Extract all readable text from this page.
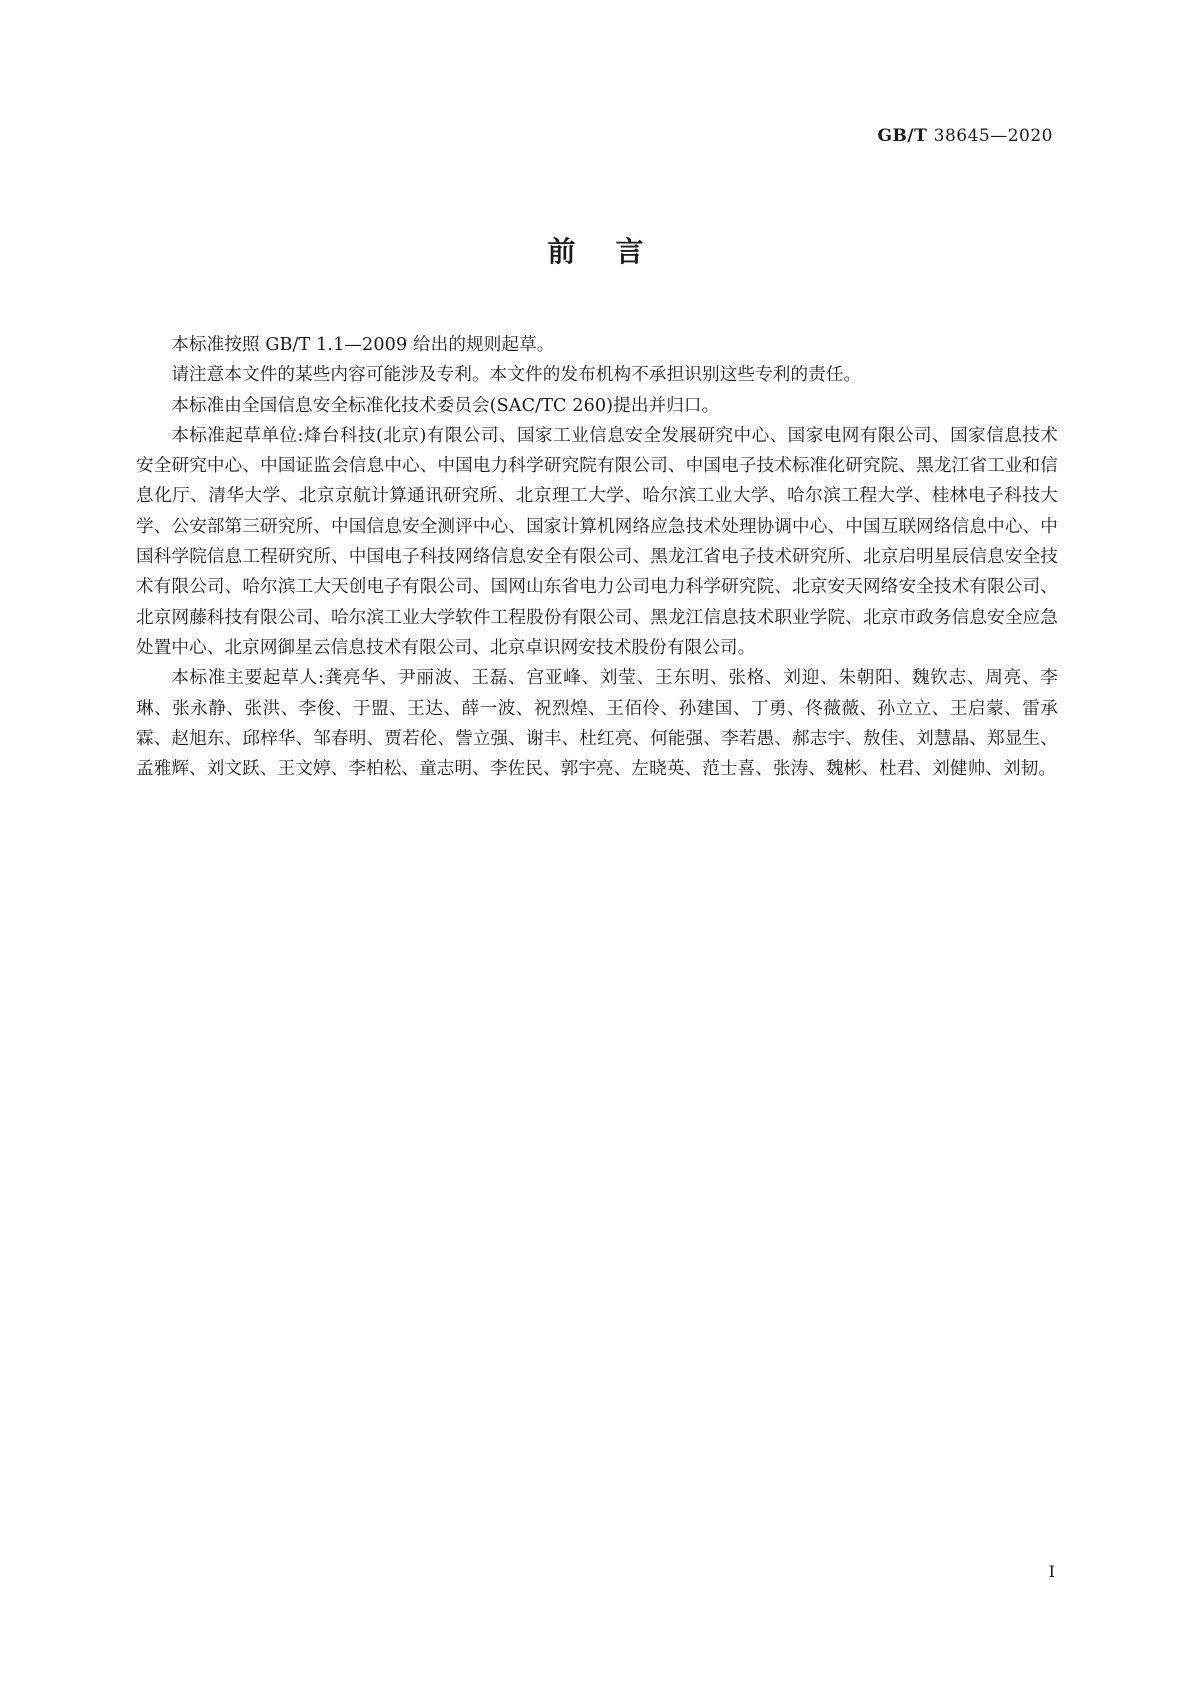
GB/T 38645—2020
前言

本标准按照 GB/T 1.1—2009 给出的规则起草。

请注意本文件的某些内容可能涉及专利。本文件的发布机构不承担识别这些专利的责任。

本标准由全国信息安全标准化技术委员会(SAC/TC 260)提出并归口。

本标准起草单位:烽台科技(北京)有限公司、国家工业信息安全发展研究中心、国家电网有限公司、国家信息技术安全研究中心、中国证监会信息中心、中国电力科学研究院有限公司、中国电子技术标准化研究院、黑龙江省工业和信息化厅、清华大学、北京京航计算通讯研究所、北京理工大学、哈尔滨工业大学、哈尔滨工程大学、桂林电子科技大学、公安部第三研究所、中国信息安全测评中心、国家计算机网络应急技术处理协调中心、中国互联网络信息中心、中国科学院信息工程研究所、中国电子科技网络信息安全有限公司、黑龙江省电子技术研究所、北京启明星辰信息安全技术有限公司、哈尔滨工大天创电子有限公司、国网山东省电力公司电力科学研究院、北京安天网络安全技术有限公司、北京网藤科技有限公司、哈尔滨工业大学软件工程股份有限公司、黑龙江信息技术职业学院、北京市政务信息安全应急处置中心、北京网御星云信息技术有限公司、北京卓识网安技术股份有限公司。

本标准主要起草人:龚亮华、尹丽波、王磊、宫亚峰、刘莹、王东明、张格、刘迎、朱朝阳、魏钦志、周亮、李琳、张永静、张洪、李俊、于盟、王达、薛一波、祝烈煌、王佰伶、孙建国、丁勇、佟薇薇、孙立立、王启蒙、雷承霖、赵旭东、邱梓华、邹春明、贾若伦、訾立强、谢丰、杜红亮、何能强、李若愚、郝志宇、敖佳、刘慧晶、郑显生、孟雅辉、刘文跃、王文婷、李柏松、童志明、李佐民、郭宇亮、左晓英、范士喜、张涛、魏彬、杜君、刘健帅、刘韧。

I
